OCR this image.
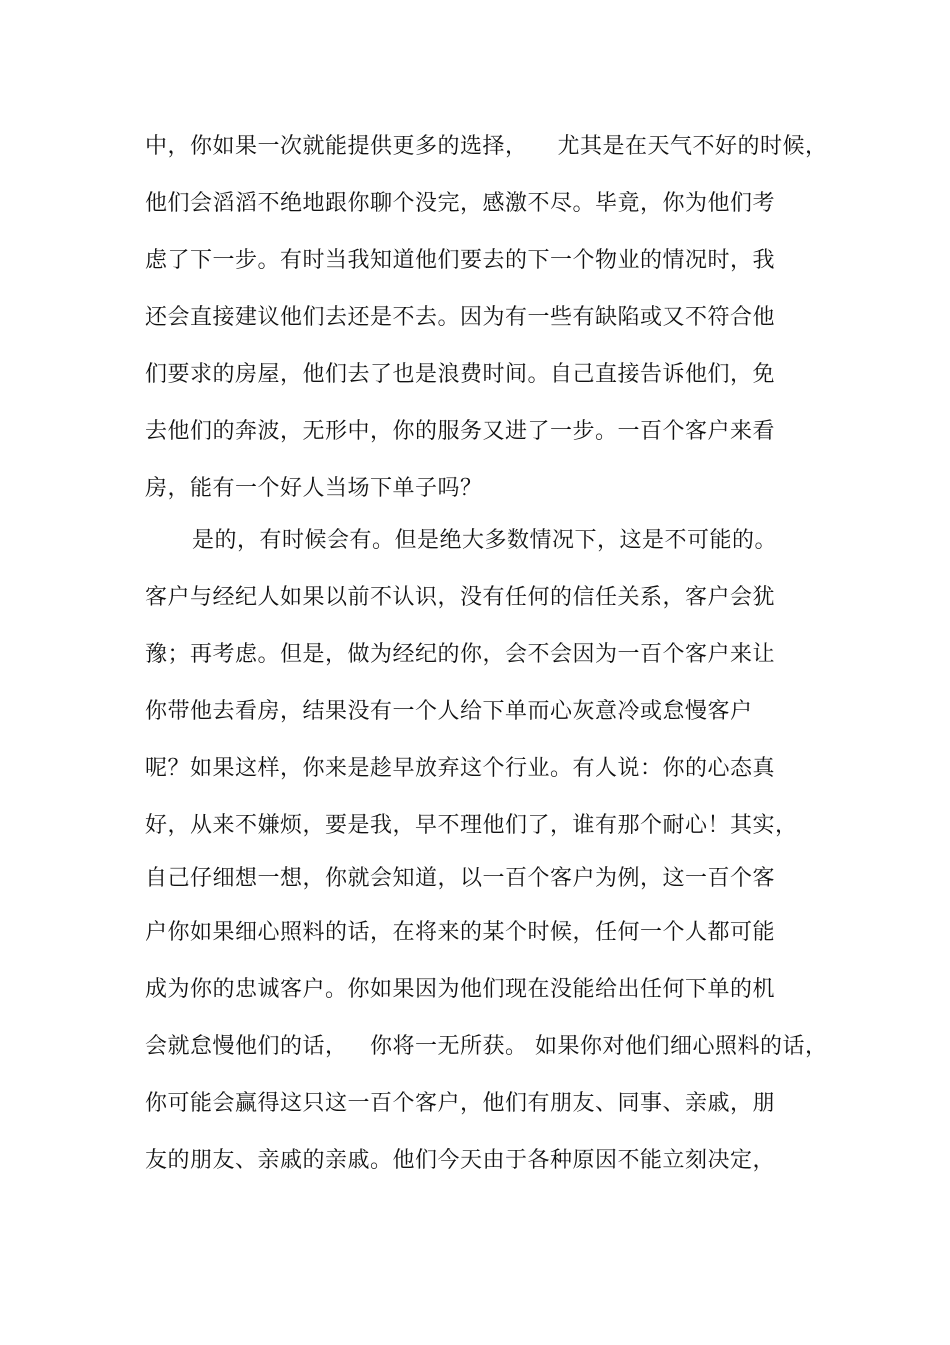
中，你如果一次就能提供更多的选择，    尤其是在天气不好的时候，
他们会滔滔不绝地跟你聊个没完，感激不尽。毕竟，你为他们考
虑了下一步。有时当我知道他们要去的下一个物业的情况时，我
还会直接建议他们去还是不去。因为有一些有缺陷或又不符合他
们要求的房屋，他们去了也是浪费时间。自己直接告诉他们，免
去他们的奔波，无形中，你的服务又进了一步。一百个客户来看
房，能有一个好人当场下单子吗？
是的，有时候会有。但是绝大多数情况下，这是不可能的。
客户与经纪人如果以前不认识，没有任何的信任关系，客户会犹
豫；再考虑。但是，做为经纪的你，会不会因为一百个客户来让
你带他去看房，结果没有一个人给下单而心灰意冷或怠慢客户
呢？如果这样，你来是趁早放弃这个行业。有人说：你的心态真
好，从来不嫌烦，要是我，早不理他们了，谁有那个耐心！其实，
自己仔细想一想，你就会知道，以一百个客户为例，这一百个客
户你如果细心照料的话，在将来的某个时候，任何一个人都可能
成为你的忠诚客户。你如果因为他们现在没能给出任何下单的机
会就怠慢他们的话，   你将一无所获。 如果你对他们细心照料的话，
你可能会赢得这只这一百个客户，他们有朋友、同事、亲戚，朋
友的朋友、亲戚的亲戚。他们今天由于各种原因不能立刻决定，
